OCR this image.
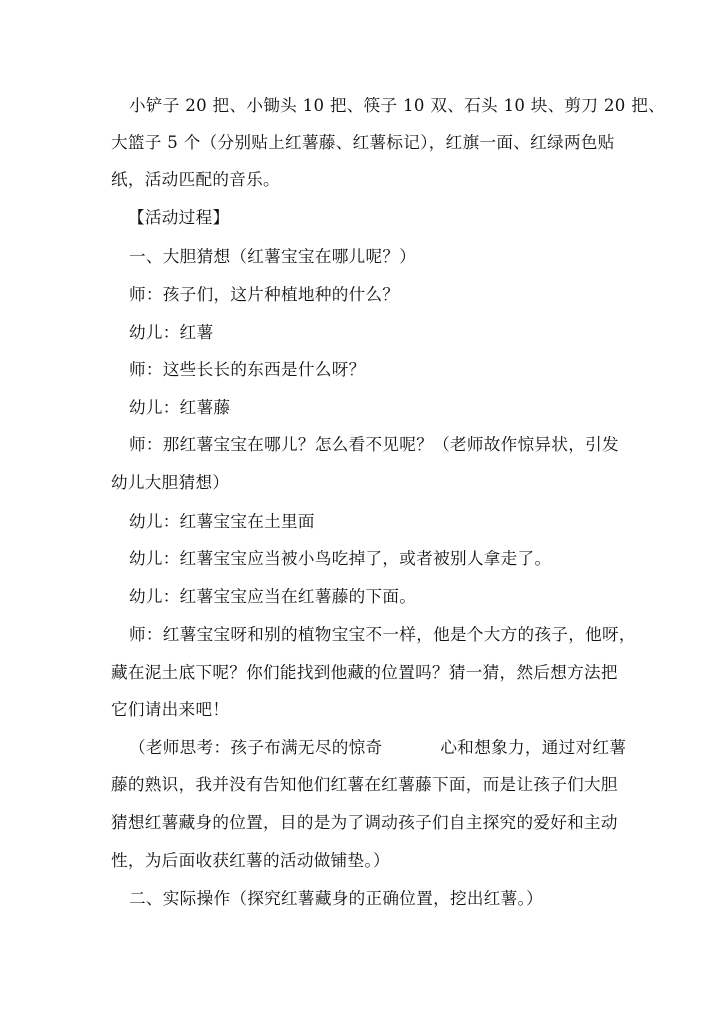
小铲子 20 把、小锄头 10 把、筷子 10 双、石头 10 块、剪刀 20 把、

大篮子 5 个（分别贴上红薯藤、红薯标记），红旗一面、红绿两色贴

纸，活动匹配的音乐。

【活动过程】

一、大胆猜想（红薯宝宝在哪儿呢？）

师：孩子们，这片种植地种的什么？

幼儿：红薯

师：这些长长的东西是什么呀？

幼儿：红薯藤

师：那红薯宝宝在哪儿？怎么看不见呢？（老师故作惊异状，引发

幼儿大胆猜想）

幼儿：红薯宝宝在土里面

幼儿：红薯宝宝应当被小鸟吃掉了，或者被别人拿走了。

幼儿：红薯宝宝应当在红薯藤的下面。

师：红薯宝宝呀和别的植物宝宝不一样，他是个大方的孩子，他呀，

藏在泥土底下呢？你们能找到他藏的位置吗？猜一猜，然后想方法把

它们请出来吧！

（老师思考：孩子布满无尽的惊奇	心和想象力，通过对红薯

藤的熟识，我并没有告知他们红薯在红薯藤下面，而是让孩子们大胆

猜想红薯藏身的位置，目的是为了调动孩子们自主探究的爱好和主动

性，为后面收获红薯的活动做铺垫。）

二、实际操作（探究红薯藏身的正确位置，挖出红薯。）
